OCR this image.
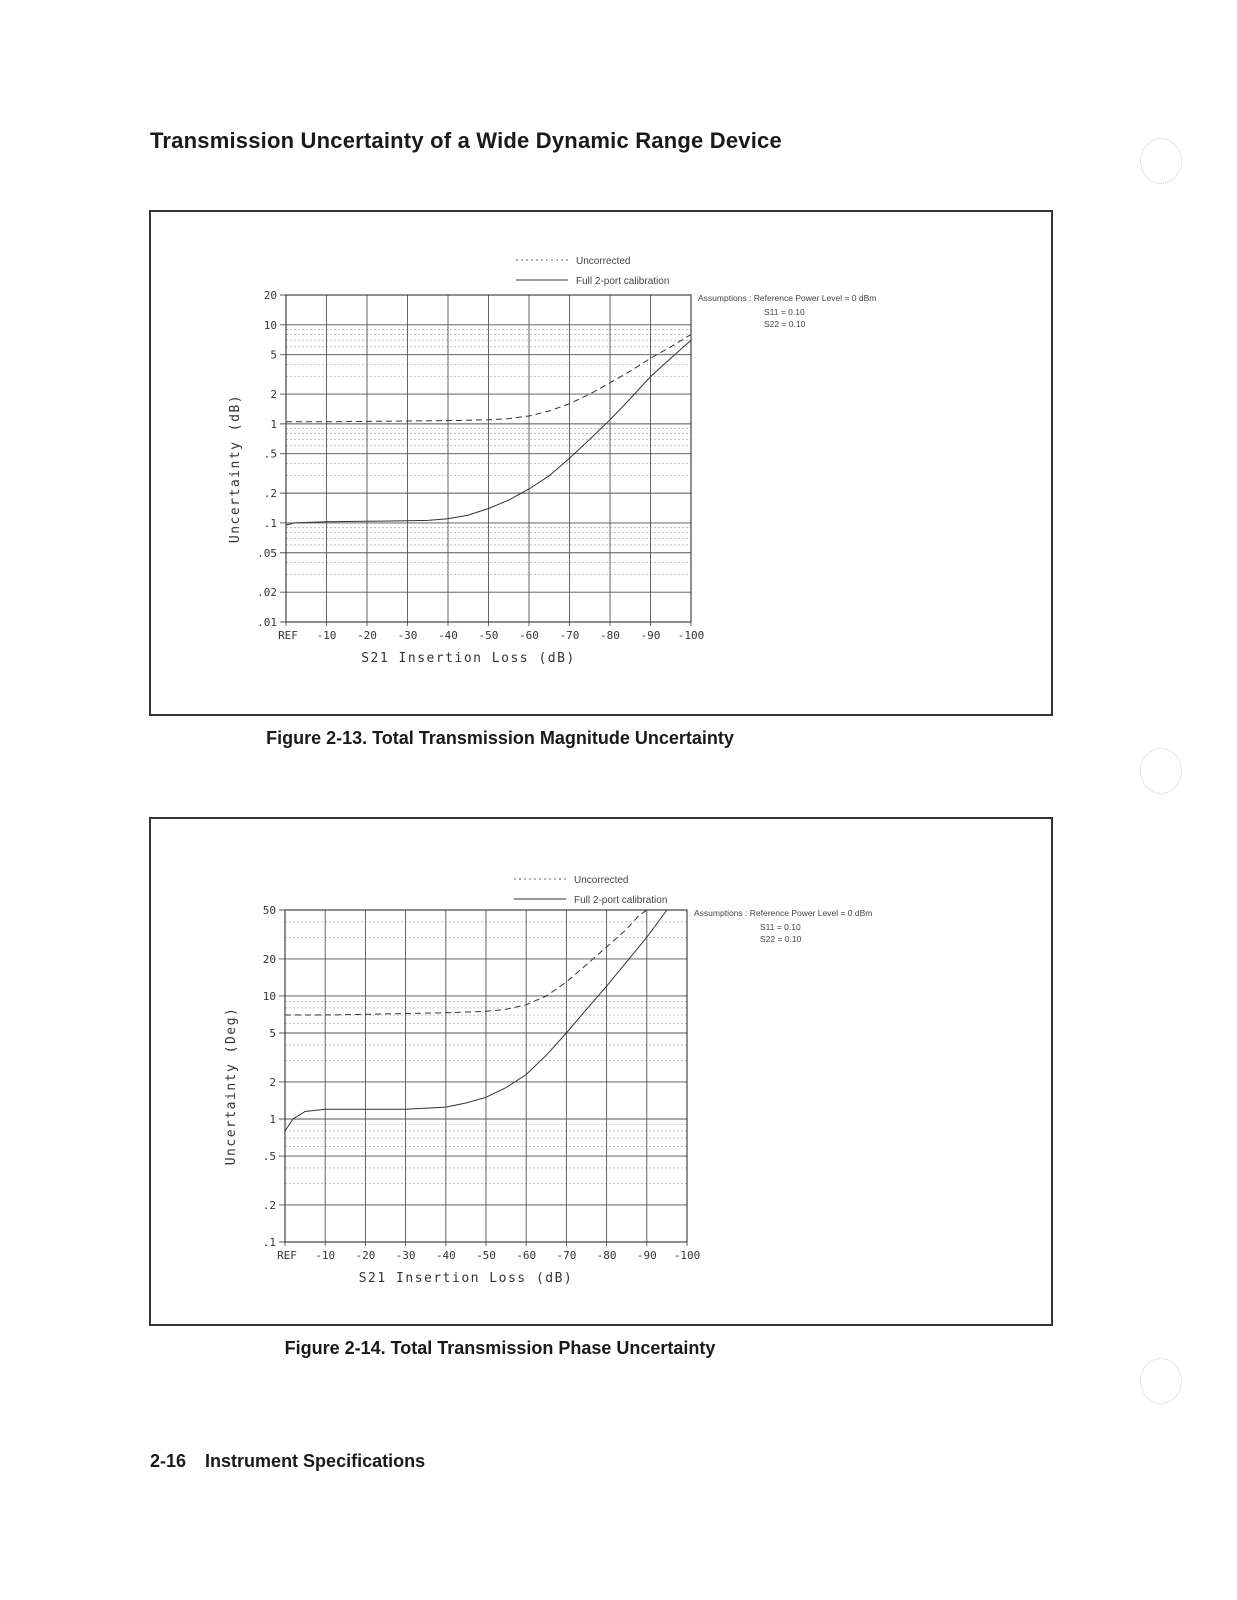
Transmission Uncertainty of a Wide Dynamic Range Device
20
10
5
2
1
.5
.2
.1
.05
.02
.01
REF -10 -20 -30 -40 -50 -60 -70 -80 -90 -100
S21 Insertion Loss (dB)
Uncertainty (dB)
Uncorrected
Full 2-port calibration
Assumptions : Reference Power Level = 0 dBm
S11 = 0.10
S22 = 0.10

Figure 2-13. Total Transmission Magnitude Uncertainty

50
20
10
5
2
1
.5
.2
.1
REF -10 -20 -30 -40 -50 -60 -70 -80 -90 -100
S21 Insertion Loss (dB)
Uncertainty (Deg)
Uncorrected
Full 2-port calibration
Assumptions : Reference Power Level = 0 dBm
S11 = 0.10
S22 = 0.10

Figure 2-14. Total Transmission Phase Uncertainty

2-16 Instrument Specifications
